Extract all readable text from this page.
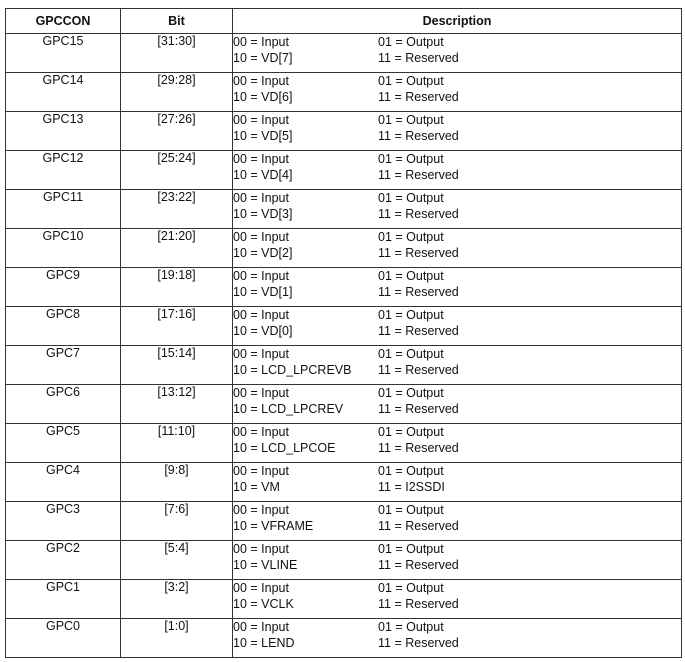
GPCCON	Bit	Description
GPC15	[31:30]	00 = Input 01 = Output
10 = VD[7] 11 = Reserved

GPC14	[29:28]	00 = Input 01 = Output
10 = VD[6] 11 = Reserved

GPC13	[27:26]	00 = Input 01 = Output
10 = VD[5] 11 = Reserved

GPC12	[25:24]	00 = Input 01 = Output
10 = VD[4] 11 = Reserved

GPC11	[23:22]	00 = Input 01 = Output
10 = VD[3] 11 = Reserved

GPC10	[21:20]	00 = Input 01 = Output
10 = VD[2] 11 = Reserved

GPC9	[19:18]	00 = Input 01 = Output
10 = VD[1] 11 = Reserved

GPC8	[17:16]	00 = Input 01 = Output
10 = VD[0] 11 = Reserved

GPC7	[15:14]	00 = Input 01 = Output
10 = LCD_LPCREVB 11 = Reserved

GPC6	[13:12]	00 = Input 01 = Output
10 = LCD_LPCREV 11 = Reserved

GPC5	[11:10]	00 = Input 01 = Output
10 = LCD_LPCOE 11 = Reserved

GPC4	[9:8]	00 = Input 01 = Output
10 = VM 11 = I2SSDI

GPC3	[7:6]	00 = Input 01 = Output
10 = VFRAME 11 = Reserved

GPC2	[5:4]	00 = Input 01 = Output
10 = VLINE 11 = Reserved

GPC1	[3:2]	00 = Input 01 = Output
10 = VCLK 11 = Reserved

GPC0	[1:0]	00 = Input 01 = Output
10 = LEND 11 = Reserved
